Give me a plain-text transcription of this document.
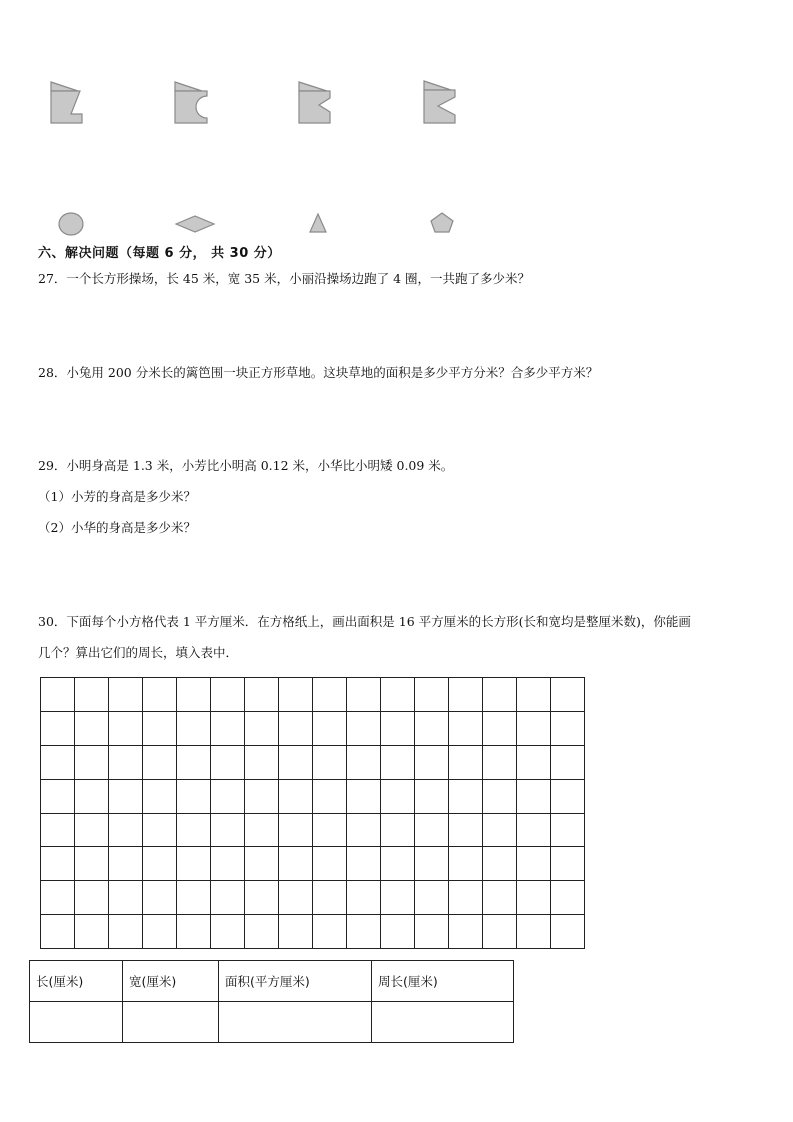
六、解决问题（每题 6 分， 共 30 分）
27．一个长方形操场，长 45 米，宽 35 米，小丽沿操场边跑了 4 圈，一共跑了多少米？
28．小兔用 200 分米长的篱笆围一块正方形草地。这块草地的面积是多少平方分米？合多少平方米？
29．小明身高是 1.3 米，小芳比小明高 0.12 米，小华比小明矮 0.09 米。
（1）小芳的身高是多少米？
（2）小华的身高是多少米？
30．下面每个小方格代表 1 平方厘米．在方格纸上，画出面积是 16 平方厘米的长方形(长和宽均是整厘米数)，你能画
几个？算出它们的周长，填入表中．

长(厘米)	宽(厘米)	面积(平方厘米)	周长(厘米)
